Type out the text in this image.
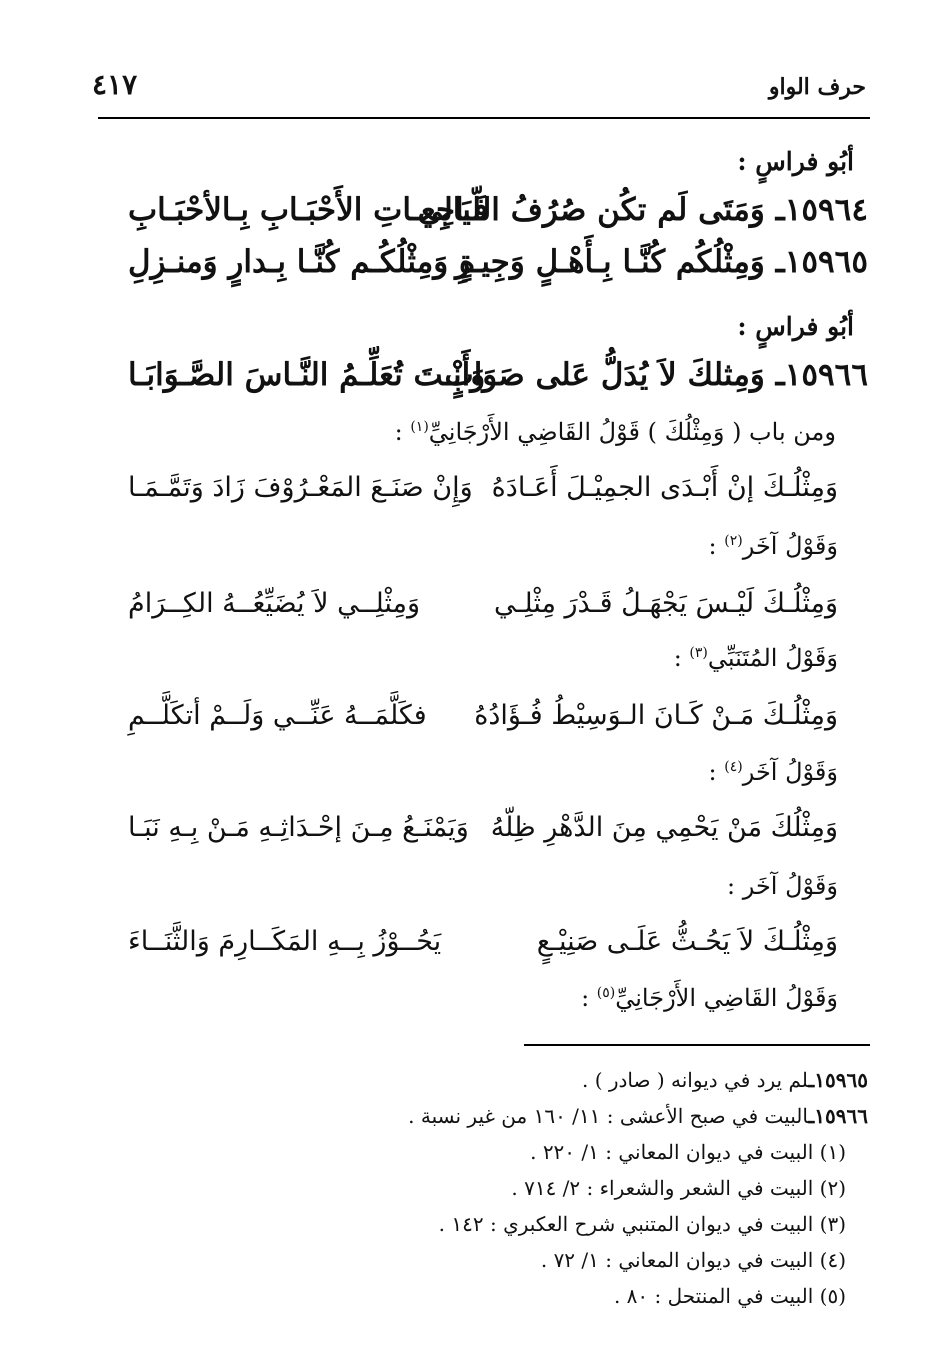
حرف الواو
٤١٧
أبُو فراسٍ :
١٥٩٦٤ـ وَمَتَى لَم تكُن صُرُفُ اللّيَالِي
فَـاجِعـاتِ الأَحْبَـابِ بِـالأحْبَـابِ
١٥٩٦٥ـ وَمِثْلُكُم كُنَّـا بِـأَهْـلٍ وَجِيـرِ
ةٍ وَمِثْلُكُـم كُنَّـا بِـدارٍ وَمنـزِلِ
أبُو فراسٍ :
١٥٩٦٦ـ وَمِثلكَ لاَ يُدَلُّ عَلى صَوَابٍ
وَأَنْـتَ تُعَلِّـمُ النَّـاسَ الصَّـوَابَـا
ومن باب ( وَمِثْلُكَ ) قَوْلُ القَاضِي الأَرْجَانِيِّ$^{(١)}$ :
وَمِثْلُـكَ إنْ أَبْـدَى الجمِيْـلَ أَعَـادَهُ
وَإِنْ صَنَـعَ المَعْـرُوْفَ زَادَ وَتَمَّـمَـا
وَقَوْلُ آخَر$^{(٢)}$ :
وَمِثْلُـكَ لَيْـسَ يَجْهَـلُ قَـدْرَ مِثْلِـي
وَمِثْلِــي لاَ يُضَيِّعُــهُ الكِــرَامُ
وَقَوْلُ المُتَنَبِّي$^{(٣)}$ :
وَمِثْلُـكَ مَـنْ كَـانَ الـوَسِيْطُ فُـؤَادُهُ
فكَلَّمَــهُ عَنِّــي وَلَــمْ أتكَلَّــمِ
وَقَوْلُ آخَر$^{(٤)}$ :
وَمِثْلُكَ مَنْ يَحْمِي مِنَ الدَّهْرِ ظِلّهُ
وَيَمْنَـعُ مِـنَ إحْـدَاثِـهِ مَـنْ بِـهِ نَبَـا
وَقَوْلُ آخَر :
وَمِثْلُـكَ لاَ يَحُـثُّ عَلَـى صَنِيْـعٍ
يَحُــوْزُ بِــهِ المَكَــارِمَ وَالثَّنَــاءَ
وَقَوْلُ القَاضِي الأَرْجَانِيِّ$^{(٥)}$ :
١٥٩٦٥ـلم يرد في ديوانه ( صادر ) .
١٥٩٦٦ـالبيت في صبح الأعشى : ١١/ ١٦٠ من غير نسبة .
(١) البيت في ديوان المعاني : ١/ ٢٢٠ .
(٢) البيت في الشعر والشعراء : ٢/ ٧١٤ .
(٣) البيت في ديوان المتنبي شرح العكبري : ١٤٢ .
(٤) البيت في ديوان المعاني : ١/ ٧٢ .
(٥) البيت في المنتحل : ٨٠ .
